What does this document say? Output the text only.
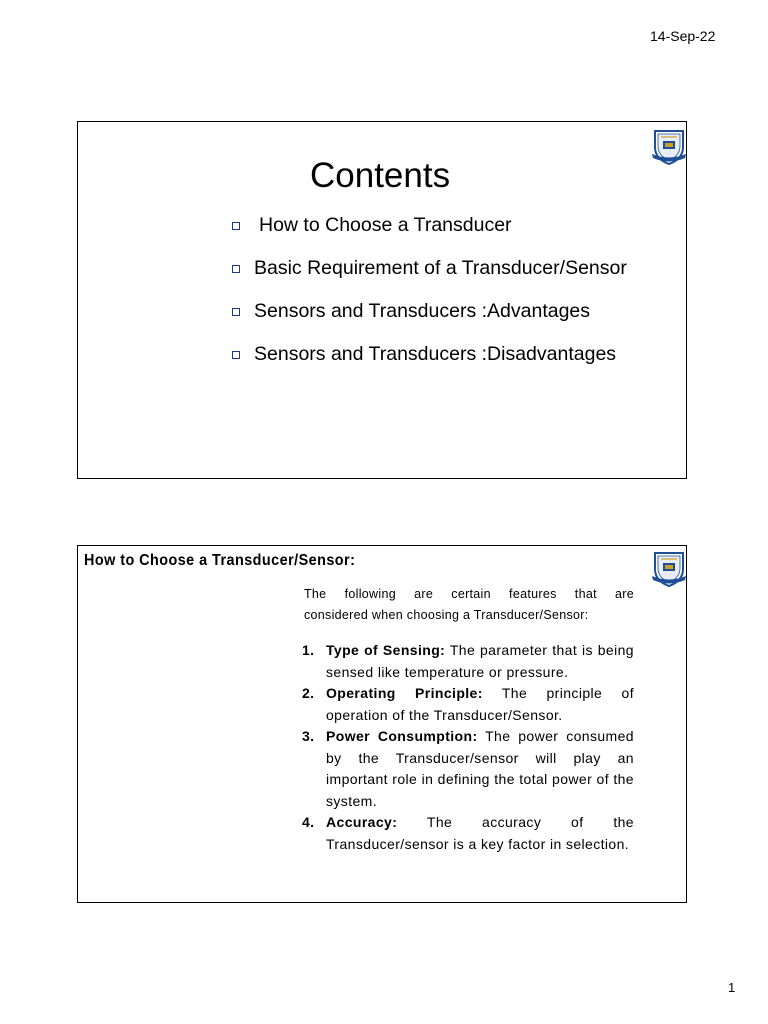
14-Sep-22
Contents
How to Choose a Transducer
Basic Requirement of a Transducer/Sensor
Sensors and Transducers :Advantages
Sensors and Transducers :Disadvantages
How to Choose a Transducer/Sensor:
The following are certain features that are
considered when choosing a Transducer/Sensor:
1. Type of Sensing: The parameter that is being sensed like temperature or pressure.
2. Operating Principle: The principle of operation of the Transducer/Sensor.
3. Power Consumption: The power consumed by the Transducer/sensor will play an important role in defining the total power of the system.
4. Accuracy: The accuracy of the Transducer/sensor is a key factor in selection.
1
